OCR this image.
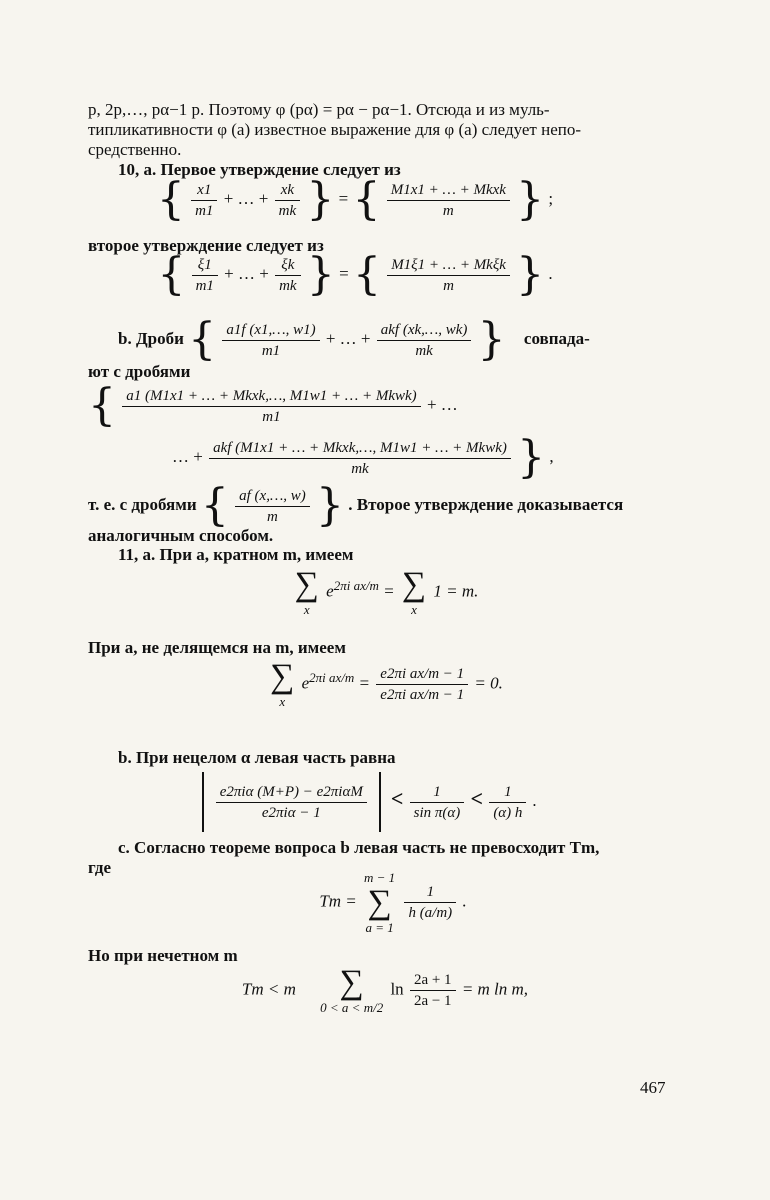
p, 2p,…, pα−1 p. Поэтому φ (pα) = pα − pα−1. Отсюда и из муль-
типликативности φ (a) известное выражение для φ (a) следует непо-
средственно.
10, a. Первое утверждение следует из
{ $\frac{x1}{m1}$ + … + $\frac{xk}{mk}$ } = { $\frac{\text{M1x1 + … + Mkxk}}{m}$ } ;
второе утверждение следует из
{ $\frac{\xi 1}{m1}$ + … + $\frac{\xi k}{mk}$ } = { $\frac{\text{M1ξ1 + … + Mkξk}}{m}$ } .
b. Дроби { $\frac{a1f (x1,\dots, w1)}{m1}$ + … + $\frac{\text{akf (xk,…, wk)}}{mk}$ } совпада-
ют с дробями
{ $\frac{\text{a1 (M1x1 + … + Mkxk,…, M1w1 + … + Mkwk)}}{m1}$ + …
… + $\frac{\text{akf (M1x1 + … + Mkxk,…, M1w1 + … + Mkwk)}}{mk}$ } ,
т. е. с дробями { $\frac{af (x,\dots, w)}{m}$ } . Второе утверждение доказывается
аналогичным способом.
11, a. При a, кратном m, имеем
∑
x
$e^{2\pi i ax/m}$ = ∑
x
1 = m.
При a, не делящемся на m, имеем
∑
x
$e^{2\pi i ax/m} = \frac{\text{e2πi ax/m − 1}}{\text{e2πi ax/m − 1}} = 0$.
b. При нецелом α левая часть равна

$\frac{\text{e2πiα (M+P) − e2πiαM}}{\text{e2πiα − 1}} < \frac{1}{\text{sin π(α)}} < \frac{1}{(\alpha) h}$ .
c. Согласно теореме вопроса b левая часть не превосходит Tm,
где
Tm =
m − 1
∑
a = 1

$\frac{1}{h (a/m)}$ .
Но при нечетном m
Tm < m	∑
0 < a < m/2
$\ln \frac{2a + 1}{2a - 1} = m$ ln m,
467
